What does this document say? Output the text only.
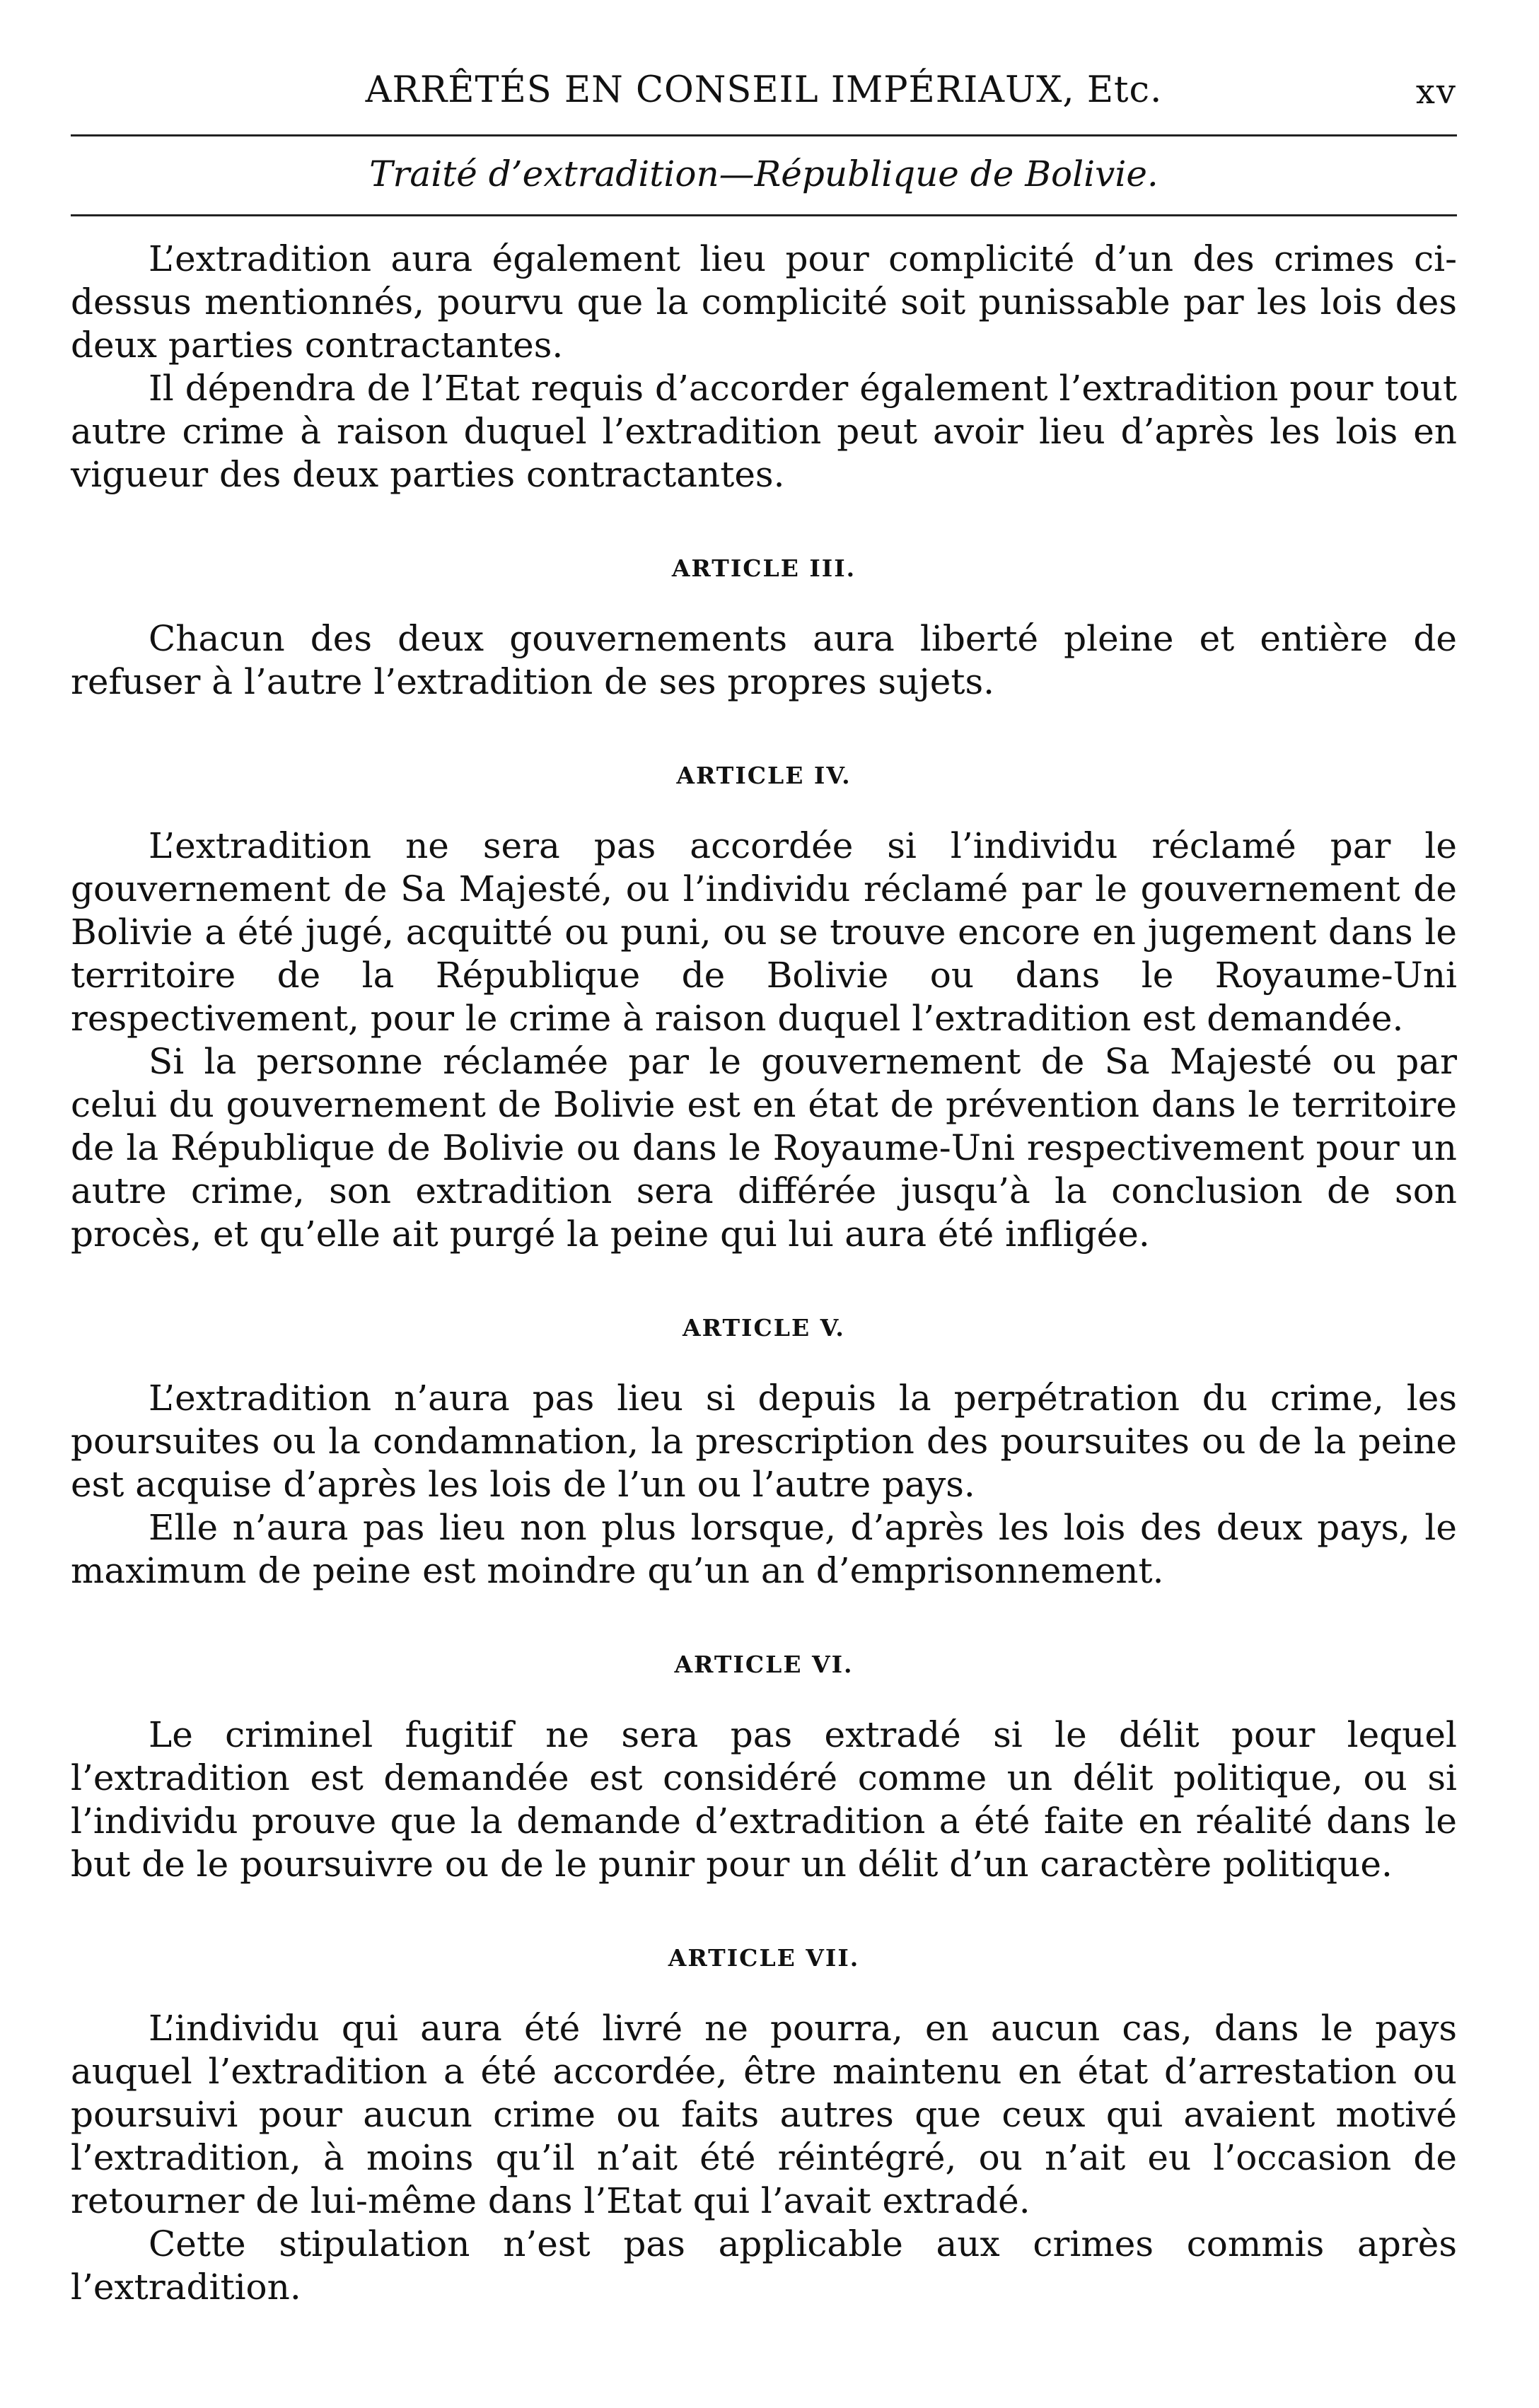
ARRÊTÉS EN CONSEIL IMPÉRIAUX, Etc.	xv
Traité d’extradition—République de Bolivie.

L’extradition aura également lieu pour complicité d’un des crimes ci-dessus mentionnés, pourvu que la complicité soit punissable par les lois des deux parties contractantes.

Il dépendra de l’Etat requis d’accorder également l’extradition pour tout autre crime à raison duquel l’extradition peut avoir lieu d’après les lois en vigueur des deux parties contractantes.

ARTICLE III.

Chacun des deux gouvernements aura liberté pleine et entière de refuser à l’autre l’extradition de ses propres sujets.

ARTICLE IV.

L’extradition ne sera pas accordée si l’individu réclamé par le gouvernement de Sa Majesté, ou l’individu réclamé par le gouvernement de Bolivie a été jugé, acquitté ou puni, ou se trouve encore en jugement dans le territoire de la République de Bolivie ou dans le Royaume-Uni respectivement, pour le crime à raison duquel l’extradition est demandée.

Si la personne réclamée par le gouvernement de Sa Majesté ou par celui du gouvernement de Bolivie est en état de prévention dans le territoire de la République de Bolivie ou dans le Royaume-Uni respectivement pour un autre crime, son extradition sera différée jusqu’à la conclusion de son procès, et qu’elle ait purgé la peine qui lui aura été infligée.

ARTICLE V.

L’extradition n’aura pas lieu si depuis la perpétration du crime, les poursuites ou la condamnation, la prescription des poursuites ou de la peine est acquise d’après les lois de l’un ou l’autre pays.

Elle n’aura pas lieu non plus lorsque, d’après les lois des deux pays, le maximum de peine est moindre qu’un an d’emprisonnement.

ARTICLE VI.

Le criminel fugitif ne sera pas extradé si le délit pour lequel l’extradition est demandée est considéré comme un délit politique, ou si l’individu prouve que la demande d’extradition a été faite en réalité dans le but de le poursuivre ou de le punir pour un délit d’un caractère politique.

ARTICLE VII.

L’individu qui aura été livré ne pourra, en aucun cas, dans le pays auquel l’extradition a été accordée, être maintenu en état d’arrestation ou poursuivi pour aucun crime ou faits autres que ceux qui avaient motivé l’extradition, à moins qu’il n’ait été réintégré, ou n’ait eu l’occasion de retourner de lui-même dans l’Etat qui l’avait extradé.

Cette stipulation n’est pas applicable aux crimes commis après l’extradition.
